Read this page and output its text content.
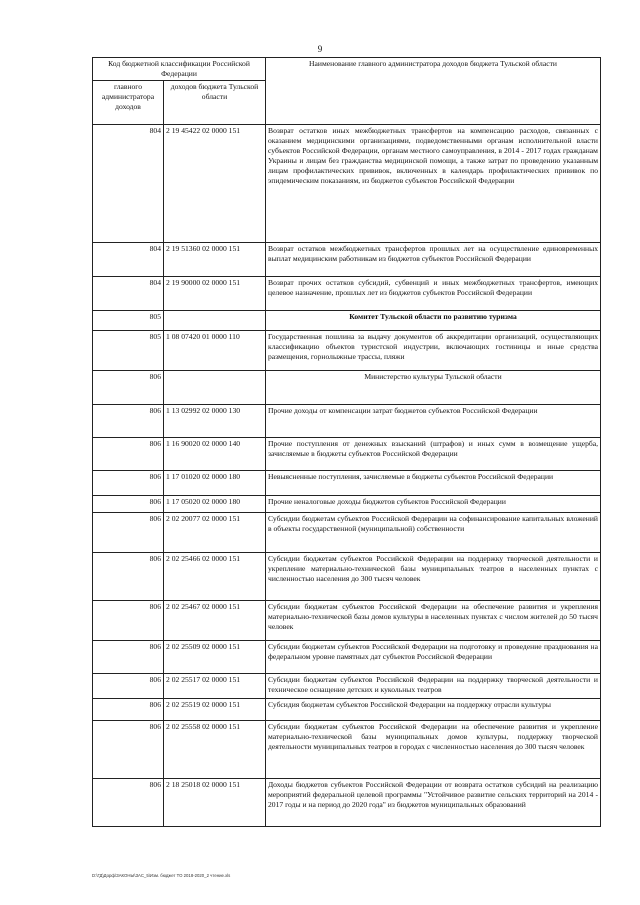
9
Код бюджетной классификации Российской Федерации		Наименование главного администратора доходов бюджета Тульской области
главного администратора доходов	доходов бюджета Тульской области	
804	2 19 45422 02 0000 151	Возврат остатков иных межбюджетных трансфертов на компенсацию расходов, связанных с оказанием медицинскими организациями, подведомственными органам исполнительной власти субъектов Российской Федерации, органам местного самоуправления, в 2014 - 2017 годах гражданам Украины и лицам без гражданства медицинской помощи, а также затрат по проведению указанным лицам профилактических прививок, включенных в календарь профилактических прививок по эпидемическим показаниям, из бюджетов субъектов Российской Федерации
804	2 19 51360 02 0000 151	Возврат остатков межбюджетных трансфертов прошлых лет на осуществление единовременных выплат медицинским работникам из бюджетов субъектов Российской Федерации
804	2 19 90000 02 0000 151	Возврат прочих остатков субсидий, субвенций и иных межбюджетных трансфертов, имеющих целевое назначение, прошлых лет из бюджетов субъектов Российской Федерации
805		Комитет Тульской области по развитию туризма
805	1 08 07420 01 0000 110	Государственная пошлина за выдачу документов об аккредитации организаций, осуществляющих классификацию объектов туристской индустрии, включающих гостиницы и иные средства размещения, горнолыжные трассы, пляжи
806		Министерство культуры Тульской области
806	1 13 02992 02 0000 130	Прочие доходы от компенсации затрат бюджетов субъектов Российской Федерации
806	1 16 90020 02 0000 140	Прочие поступления от денежных взысканий (штрафов) и иных сумм в возмещение ущерба, зачисляемые в бюджеты субъектов Российской Федерации
806	1 17 01020 02 0000 180	Невыясненные поступления, зачисляемые в бюджеты субъектов Российской Федерации
806	1 17 05020 02 0000 180	Прочие неналоговые доходы бюджетов субъектов Российской Федерации
806	2 02 20077 02 0000 151	Субсидии бюджетам субъектов Российской Федерации на софинансирование капитальных вложений в объекты государственной (муниципальной) собственности
806	2 02 25466 02 0000 151	Субсидии бюджетам субъектов Российской Федерации на поддержку творческой деятельности и укрепление материально-технической базы муниципальных театров в населенных пунктах с численностью населения до 300 тысяч человек
806	2 02 25467 02 0000 151	Субсидии бюджетам субъектов Российской Федерации на обеспечение развития и укрепления материально-технической базы домов культуры в населенных пунктах с числом жителей до 50 тысяч человек
806	2 02 25509 02 0000 151	Субсидии бюджетам субъектов Российской Федерации на подготовку и проведение празднования на федеральном уровне памятных дат субъектов Российской Федерации
806	2 02 25517 02 0000 151	Субсидии бюджетам субъектов Российской Федерации на поддержку творческой деятельности и техническое оснащение детских и кукольных театров
806	2 02 25519 02 0000 151	Субсидия бюджетам субъектов Российской Федерации на поддержку отрасли культуры
806	2 02 25558 02 0000 151	Субсидии бюджетам субъектов Российской Федерации на обеспечение развития и укрепление материально-технической базы муниципальных домов культуры, поддержку творческой деятельности муниципальных театров в городах с численностью населения до 300 тысяч человек
806	2 18 25018 02 0000 151	Доходы бюджетов субъектов Российской Федерации от возврата остатков субсидий на реализацию мероприятий федеральной целевой программы "Устойчивое развитие сельских территорий на 2014 - 2017 годы и на период до 2020 года" из бюджетов муниципальных образований
D:\ГД\Дорф\ЗАКОНЫ\ЗАС_5\Изм. бюджет ТО 2018-2020_2 чтение.xls
